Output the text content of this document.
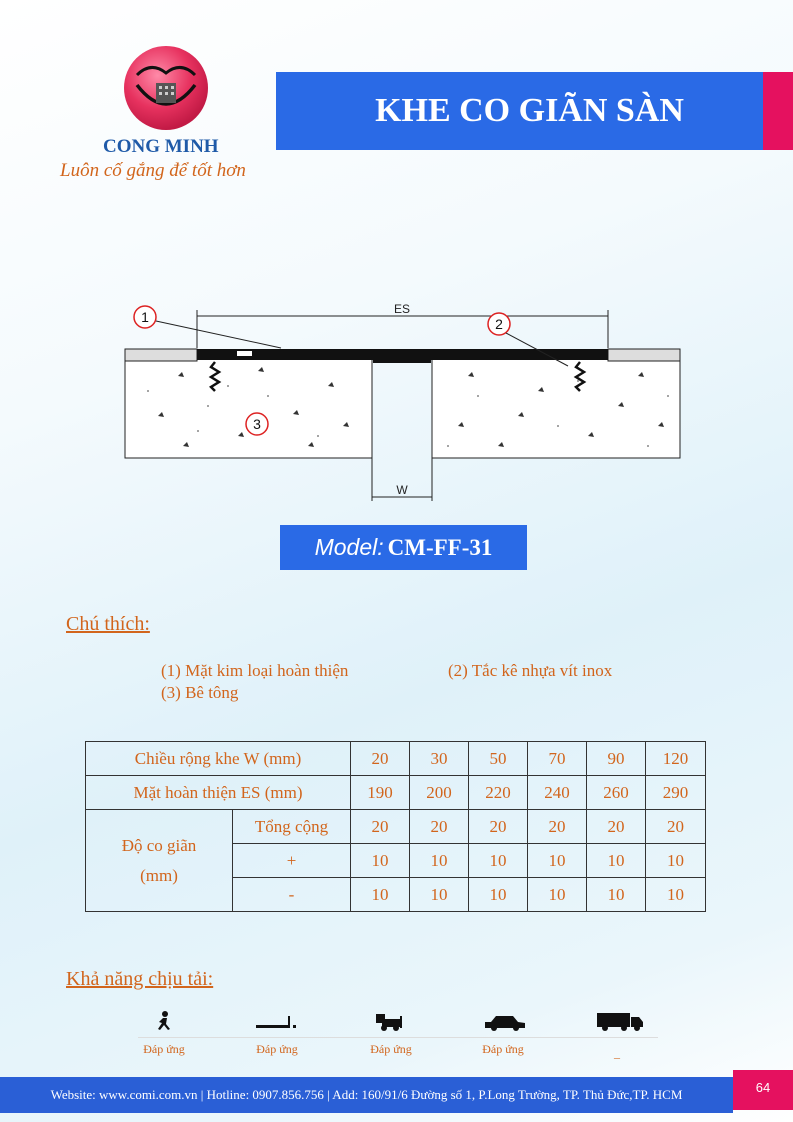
CONG MINH
Luôn cố gắng để tốt hơn
KHE CO GIÃN SÀN
ES
W
1	2
3
Model: CM-FF-31
Chú thích:
(1) Mặt kim loại hoàn thiện	(2) Tắc kê nhựa vít inox
(3) Bê tông
Chiều rộng khe W (mm)		20	30	50	70	90	120
Mặt hoàn thiện ES (mm)		190	200	220	240	260	290

Độ co giãn
(mm)	Tổng cộng	20	20	20	20	20	20
	+	10	10	10	10	10	10
	-	10	10	10	10	10	10
Khả năng chịu tải:
Đáp ứng	Đáp ứng	Đáp ứng	Đáp ứng	_
Website: www.comi.com.vn | Hotline: 0907.856.756 | Add: 160/91/6 Đường số 1, P.Long Trường, TP. Thủ Đức,TP. HCM	64
